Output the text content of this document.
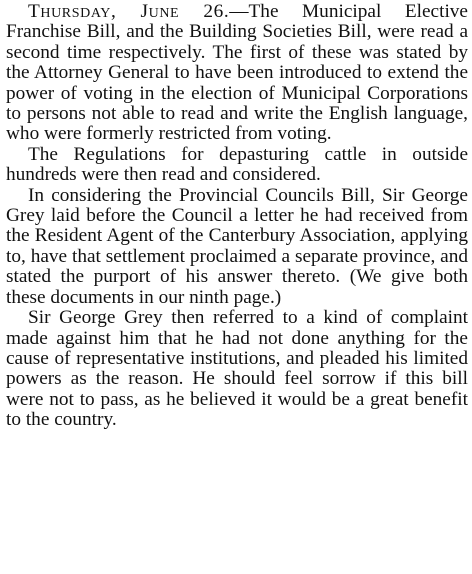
Thursday, June 26.—The Municipal Elective Franchise Bill, and the Building Societies Bill, were read a second time respectively. The first of these was stated by the Attorney General to have been introduced to extend the power of voting in the election of Municipal Corporations to persons not able to read and write the English language, who were formerly restricted from voting.

The Regulations for depasturing cattle in outside hundreds were then read and considered.

In considering the Provincial Councils Bill, Sir George Grey laid before the Council a letter he had received from the Resident Agent of the Canterbury Association, applying to, have that settlement proclaimed a separate province, and stated the purport of his answer thereto. (We give both these documents in our ninth page.)

Sir George Grey then referred to a kind of complaint made against him that he had not done anything for the cause of representative institutions, and pleaded his limited powers as the reason. He should feel sorrow if this bill were not to pass, as he believed it would be a great benefit to the country.
